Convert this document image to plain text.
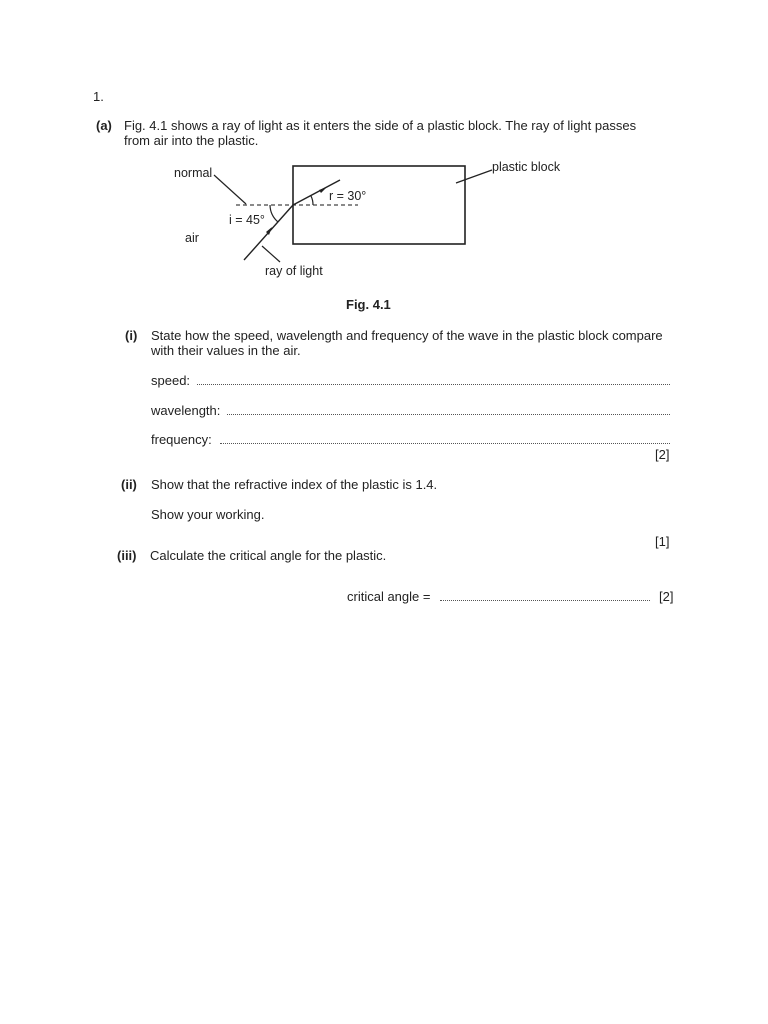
1.
(a) Fig. 4.1 shows a ray of light as it enters the side of a plastic block. The ray of light passes
from air into the plastic.
normal	plastic block
r = 30°
i = 45°
air
ray of light
Fig. 4.1
(i) State how the speed, wavelength and frequency of the wave in the plastic block compare
with their values in the air.
speed:
wavelength:
frequency:
[2]
(ii) Show that the refractive index of the plastic is 1.4.
Show your working.
[1]
(iii) Calculate the critical angle for the plastic.
critical angle =	[2]
